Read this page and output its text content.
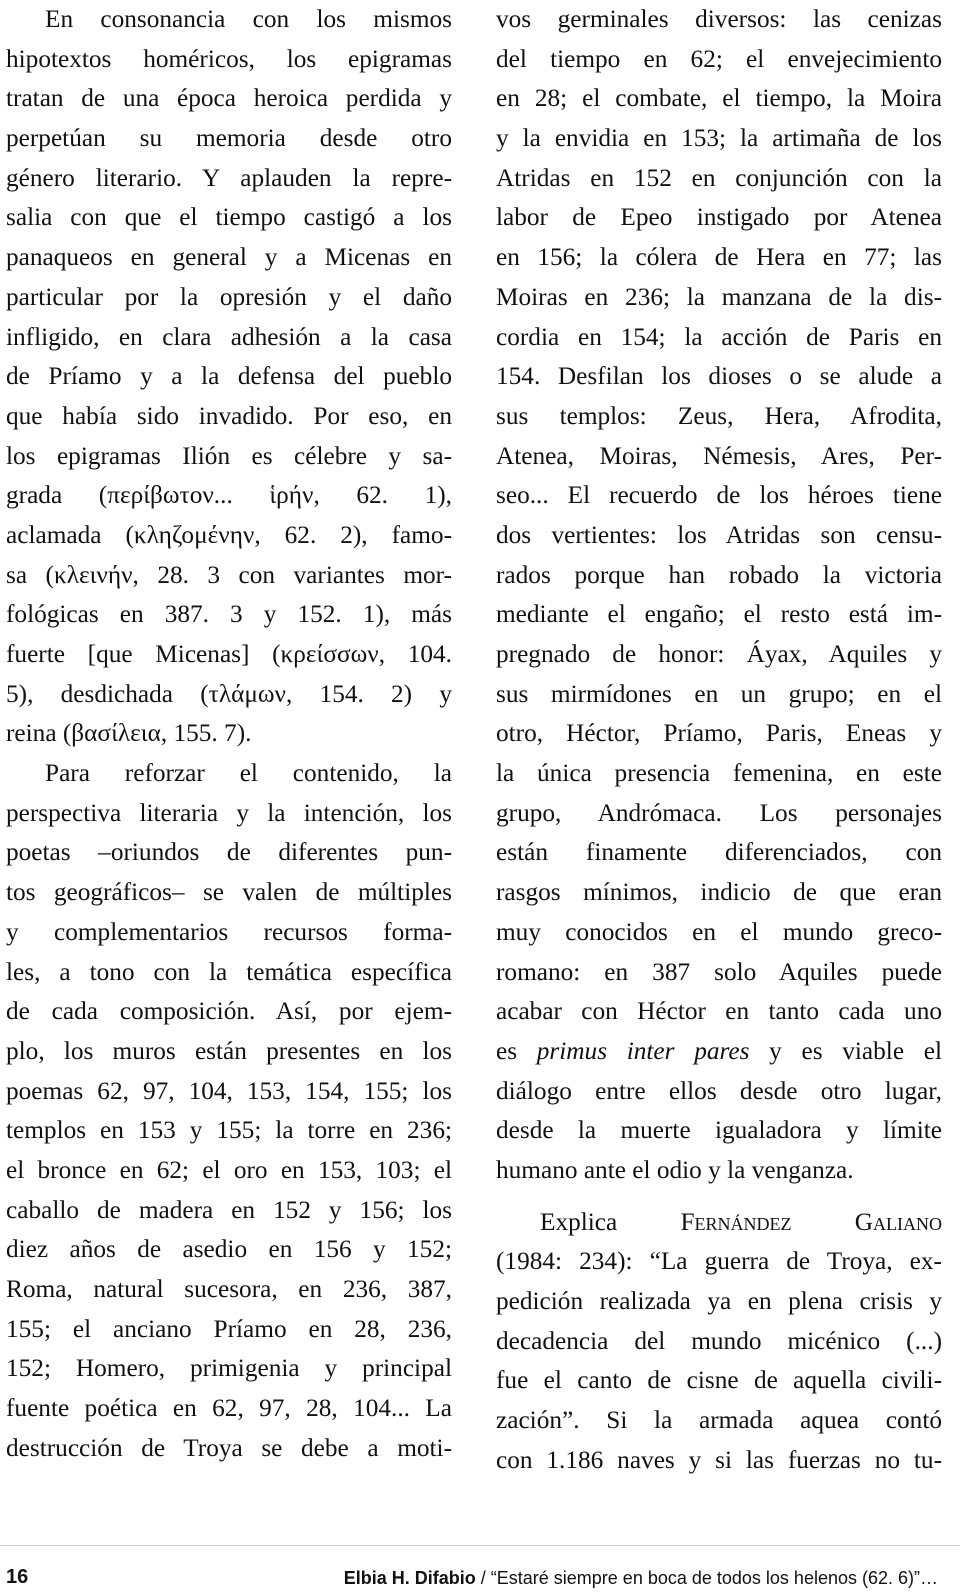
En consonancia con los mismos
hipotextos homéricos, los epigramas
tratan de una época heroica perdida y
perpetúan su memoria desde otro
género literario. Y aplauden la repre-
salia con que el tiempo castigó a los
panaqueos en general y a Micenas en
particular por la opresión y el daño
infligido, en clara adhesión a la casa
de Príamo y a la defensa del pueblo
que había sido invadido. Por eso, en
los epigramas Ilión es célebre y sa-
grada (περίβωτον... ἱρήν, 62. 1),
aclamada (κληζομένην, 62. 2), famo-
sa (κλεινήν, 28. 3 con variantes mor-
fológicas en 387. 3 y 152. 1), más
fuerte [que Micenas] (κρείσσων, 104.
5), desdichada (τλάμων, 154. 2) y
reina (βασίλεια, 155. 7).
Para reforzar el contenido, la
perspectiva literaria y la intención, los
poetas –oriundos de diferentes pun-
tos geográficos– se valen de múltiples
y complementarios recursos forma-
les, a tono con la temática específica
de cada composición. Así, por ejem-
plo, los muros están presentes en los
poemas 62, 97, 104, 153, 154, 155; los
templos en 153 y 155; la torre en 236;
el bronce en 62; el oro en 153, 103; el
caballo de madera en 152 y 156; los
diez años de asedio en 156 y 152;
Roma, natural sucesora, en 236, 387,
155; el anciano Príamo en 28, 236,
152; Homero, primigenia y principal
fuente poética en 62, 97, 28, 104... La
destrucción de Troya se debe a moti-
vos germinales diversos: las cenizas
del tiempo en 62; el envejecimiento
en 28; el combate, el tiempo, la Moira
y la envidia en 153; la artimaña de los
Atridas en 152 en conjunción con la
labor de Epeo instigado por Atenea
en 156; la cólera de Hera en 77; las
Moiras en 236; la manzana de la dis-
cordia en 154; la acción de Paris en
154. Desfilan los dioses o se alude a
sus templos: Zeus, Hera, Afrodita,
Atenea, Moiras, Némesis, Ares, Per-
seo... El recuerdo de los héroes tiene
dos vertientes: los Atridas son censu-
rados porque han robado la victoria
mediante el engaño; el resto está im-
pregnado de honor: Áyax, Aquiles y
sus mirmídones en un grupo; en el
otro, Héctor, Príamo, Paris, Eneas y
la única presencia femenina, en este
grupo, Andrómaca. Los personajes
están finamente diferenciados, con
rasgos mínimos, indicio de que eran
muy conocidos en el mundo greco-
romano: en 387 solo Aquiles puede
acabar con Héctor en tanto cada uno
es primus inter pares y es viable el
diálogo entre ellos desde otro lugar,
desde la muerte igualadora y límite
humano ante el odio y la venganza.
Explica Fernández Galiano
(1984: 234): “La guerra de Troya, ex-
pedición realizada ya en plena crisis y
decadencia del mundo micénico (...)
fue el canto de cisne de aquella civili-
zación”. Si la armada aquea contó
con 1.186 naves y si las fuerzas no tu-
16	Elbia H. Difabio / “Estaré siempre en boca de todos los helenos (62. 6)”…
